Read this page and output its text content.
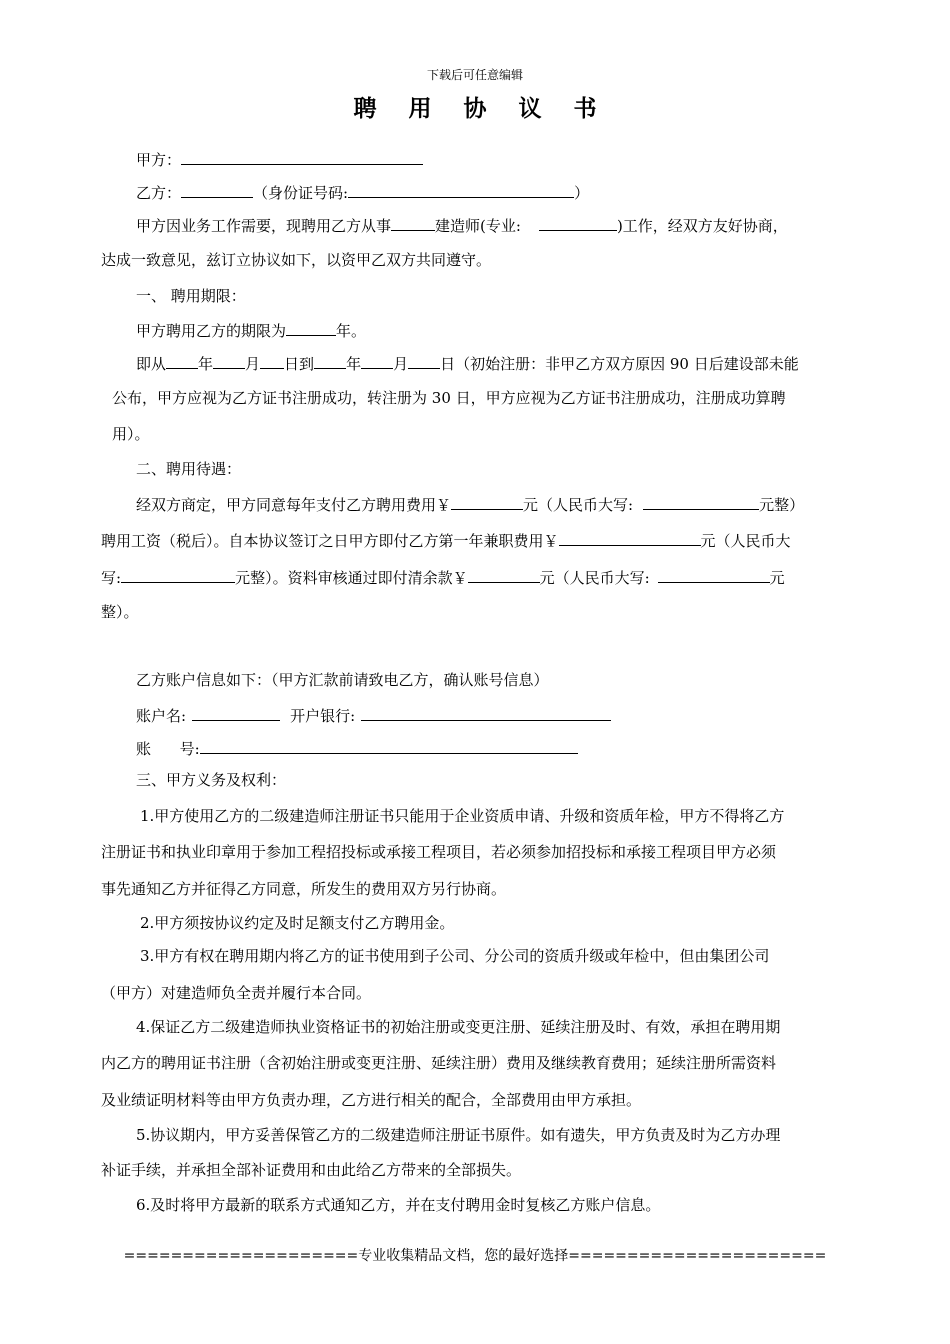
下载后可任意编辑
聘 用 协 议 书
甲方：
乙方：	（身份证号码:	）
甲方因业务工作需要，现聘用乙方从事	建造师(专业:	)工作，经双方友好协商，
达成一致意见，兹订立协议如下，以资甲乙双方共同遵守。
一、 聘用期限：
甲方聘用乙方的期限为	年。
即从 年 月 日到 年 月 日（初始注册：非甲乙方双方原因 90 日后建设部未能
公布，甲方应视为乙方证书注册成功，转注册为 30 日，甲方应视为乙方证书注册成功，注册成功算聘
用）。
二、聘用待遇：
经双方商定，甲方同意每年支付乙方聘用费用￥	元（人民币大写:	元整）
聘用工资（税后）。自本协议签订之日甲方即付乙方第一年兼职费用￥	元（人民币大
写:	元整）。资料审核通过即付清余款￥	元（人民币大写:	元
整）。
乙方账户信息如下：（甲方汇款前请致电乙方，确认账号信息）
账户名:	开户银行:
账      号:
三、甲方义务及权利：
1.甲方使用乙方的二级建造师注册证书只能用于企业资质申请、升级和资质年检，甲方不得将乙方
注册证书和执业印章用于参加工程招投标或承接工程项目，若必须参加招投标和承接工程项目甲方必须
事先通知乙方并征得乙方同意，所发生的费用双方另行协商。
2.甲方须按协议约定及时足额支付乙方聘用金。
3.甲方有权在聘用期内将乙方的证书使用到子公司、分公司的资质升级或年检中，但由集团公司
（甲方）对建造师负全责并履行本合同。
4.保证乙方二级建造师执业资格证书的初始注册或变更注册、延续注册及时、有效，承担在聘用期
内乙方的聘用证书注册（含初始注册或变更注册、延续注册）费用及继续教育费用；延续注册所需资料
及业绩证明材料等由甲方负责办理，乙方进行相关的配合，全部费用由甲方承担。
5.协议期内，甲方妥善保管乙方的二级建造师注册证书原件。如有遗失，甲方负责及时为乙方办理
补证手续，并承担全部补证费用和由此给乙方带来的全部损失。
6.及时将甲方最新的联系方式通知乙方，并在支付聘用金时复核乙方账户信息。
====================专业收集精品文档，您的最好选择======================
